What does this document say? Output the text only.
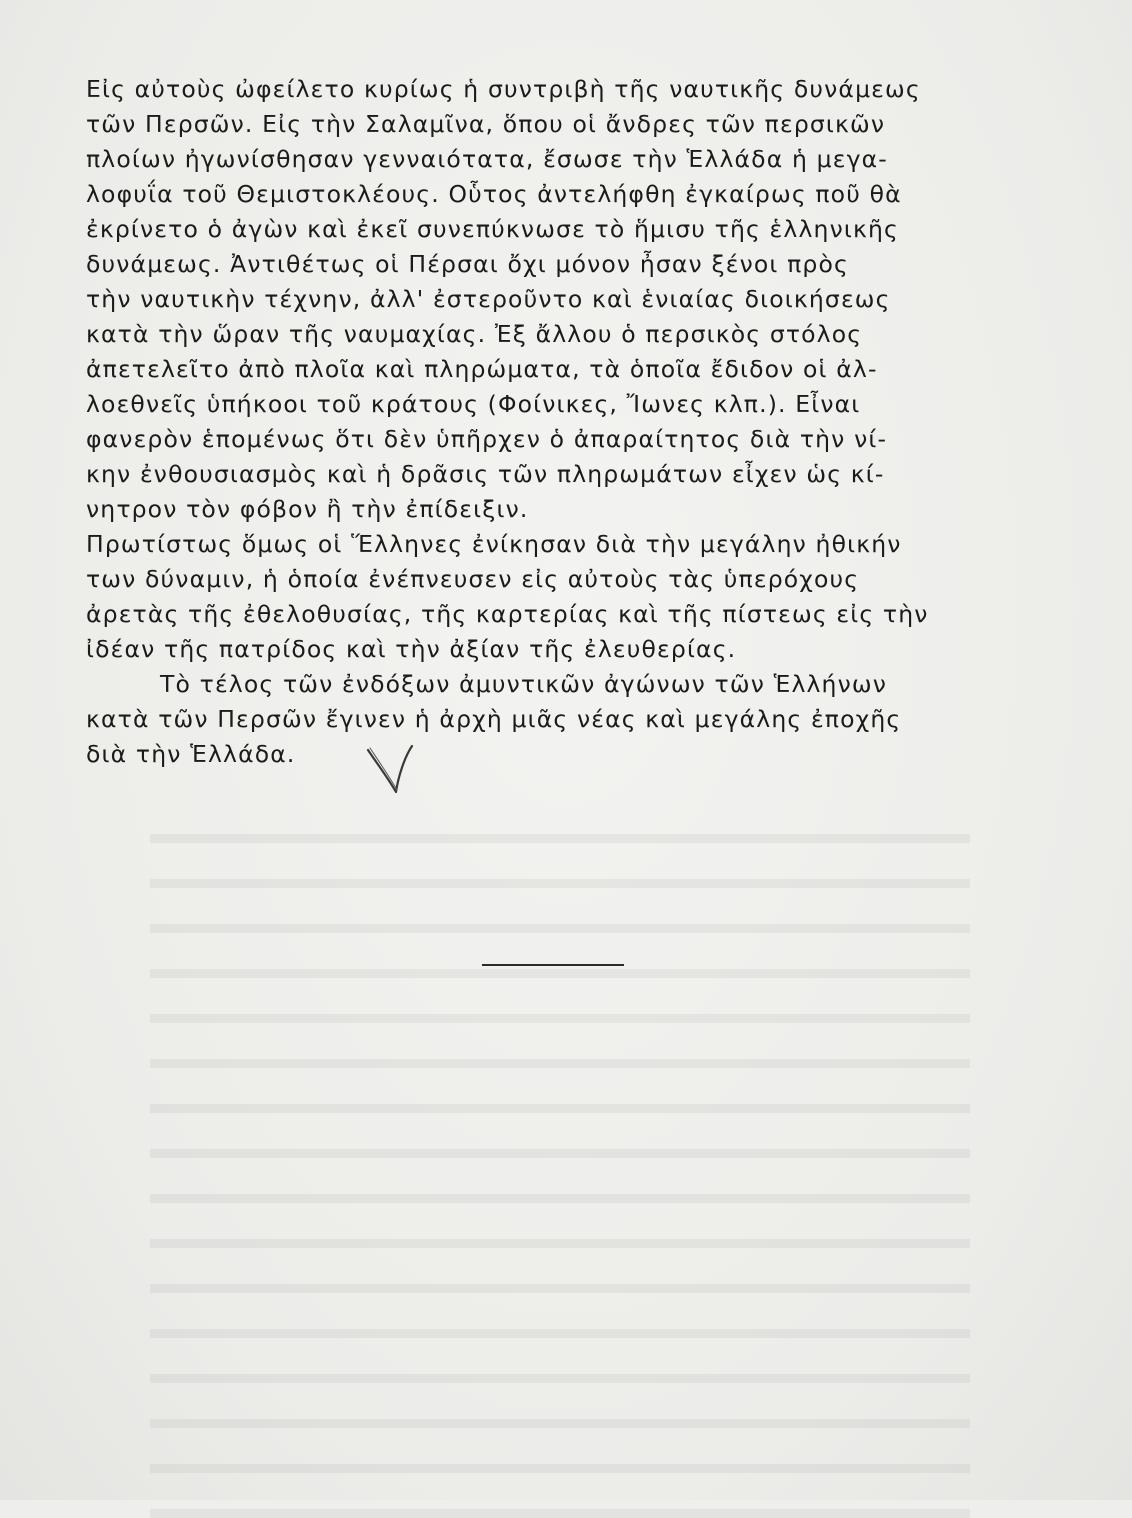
Εἰς αὐτοὺς ὠφείλετο κυρίως ἡ συντριβὴ τῆς ναυτικῆς δυνάμεως
τῶν Περσῶν. Εἰς τὴν Σαλαμῖνα, ὅπου οἱ ἄνδρες τῶν περσικῶν
πλοίων ἠγωνίσθησαν γενναιότατα, ἔσωσε τὴν Ἑλλάδα ἡ μεγα-
λοφυΐα τοῦ Θεμιστοκλέους. Οὗτος ἀντελήφθη ἐγκαίρως ποῦ θὰ
ἐκρίνετο ὁ ἀγὼν καὶ ἐκεῖ συνεπύκνωσε τὸ ἥμισυ τῆς ἑλληνικῆς
δυνάμεως. Ἀντιθέτως οἱ Πέρσαι ὄχι μόνον ἦσαν ξένοι πρὸς
τὴν ναυτικὴν τέχνην, ἀλλ' ἐστεροῦντο καὶ ἑνιαίας διοικήσεως
κατὰ τὴν ὥραν τῆς ναυμαχίας. Ἐξ ἄλλου ὁ περσικὸς στόλος
ἀπετελεῖτο ἀπὸ πλοῖα καὶ πληρώματα, τὰ ὁποῖα ἔδιδον οἱ ἀλ-
λοεθνεῖς ὑπήκοοι τοῦ κράτους (Φοίνικες, Ἴωνες κλπ.). Εἶναι
φανερὸν ἑπομένως ὅτι δὲν ὑπῆρχεν ὁ ἀπαραίτητος διὰ τὴν νί-
κην ἐνθουσιασμὸς καὶ ἡ δρᾶσις τῶν πληρωμάτων εἶχεν ὡς κί-
νητρον τὸν φόβον ἢ τὴν ἐπίδειξιν.
Πρωτίστως ὅμως οἱ Ἕλληνες ἐνίκησαν διὰ τὴν μεγάλην ἠθικήν
των δύναμιν, ἡ ὁποία ἐνέπνευσεν εἰς αὐτοὺς τὰς ὑπερόχους
ἀρετὰς τῆς ἐθελοθυσίας, τῆς καρτερίας καὶ τῆς πίστεως εἰς τὴν
ἰδέαν τῆς πατρίδος καὶ τὴν ἀξίαν τῆς ἐλευθερίας.
Τὸ τέλος τῶν ἐνδόξων ἀμυντικῶν ἀγώνων τῶν Ἑλλήνων
κατὰ τῶν Περσῶν ἔγινεν ἡ ἀρχὴ μιᾶς νέας καὶ μεγάλης ἐποχῆς
διὰ τὴν Ἑλλάδα.
